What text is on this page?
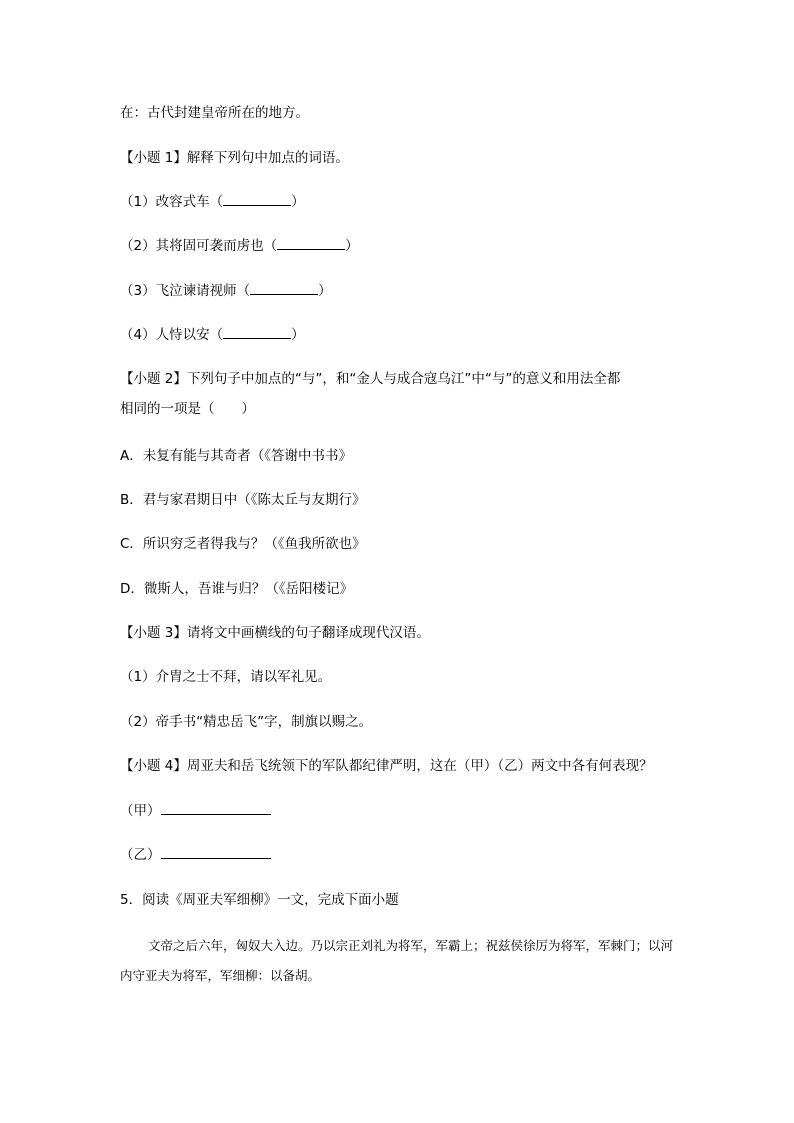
在：古代封建皇帝所在的地方。
【小题 1】解释下列句中加点的词语。
（1）改容式车（	）
（2）其将固可袭而虏也（	）
（3）飞泣谏请视师（	）
（4）人恃以安（	）
【小题 2】下列句子中加点的“与”，和“金人与成合寇乌江”中“与”的意义和用法全都
相同的一项是（　　）
A．未复有能与其奇者（《答谢中书书》
B．君与家君期日中（《陈太丘与友期行》
C．所识穷乏者得我与？（《鱼我所欲也》
D．微斯人，吾谁与归？（《岳阳楼记》
【小题 3】请将文中画横线的句子翻译成现代汉语。
（1）介胄之士不拜，请以军礼见。
（2）帝手书“精忠岳飞”字，制旗以赐之。
【小题 4】周亚夫和岳飞统领下的军队都纪律严明，这在（甲）（乙）两文中各有何表现？
（甲）
（乙）
5．阅读《周亚夫军细柳》一文，完成下面小题
文帝之后六年，匈奴大入边。乃以宗正刘礼为将军，军霸上；祝兹侯徐厉为将军，军棘门；以河内守亚夫为将军，军细柳：以备胡。
